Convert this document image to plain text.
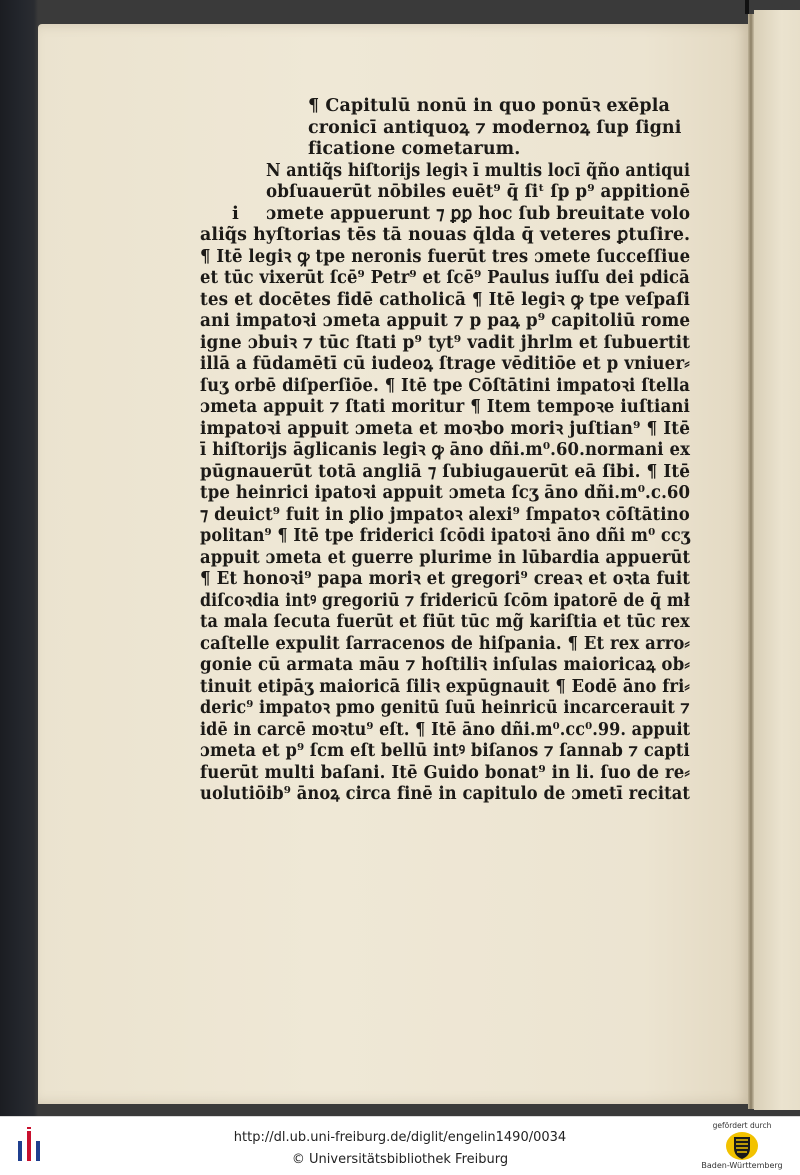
i
¶ Capitulū nonū in quo ponūꝛ exēpla
cronicī antiquoꝝ ⁊ modernoꝝ ſup ſigni
ficatione cometarum.
N antiq̃s hiſtorijs legiꝛ ī multis locī q̃ño antiqui
obſuauerūt nōbiles euēt⁹ q̄ ſiᵗ ſp p⁹ appitionē
ɔmete appuerunt ⁊ ꝑꝑ hoc ſub breuitate volo
aliq̃s hyſtorias tēs tā nouas q̄lda q̄ veteres ꝑtuſire.
¶ Itē legiꝛ ꝙ tpe neronis fuerūt tres ɔmete ſucceſſiue
et tūc vixerūt ſcē⁹ Petr⁹ et ſcē⁹ Paulus iuſſu dei pdicā
tes et docētes fidē catholicā ¶ Itē legiꝛ ꝙ tpe veſpaſi
ani impatoꝛi ɔmeta appuit ⁊ p paꝝ p⁹ capitoliū rome
igne ɔbuiꝛ ⁊ tūc ſtati p⁹ tyt⁹ vadit jhrlm et ſubuertit
illā a fūdamētī cū iudeoꝝ ſtrage vēditiōe et p vniuer⸗
ſuʒ orbē diſperſiōe. ¶ Itē tpe Cōſtātini impatoꝛi ſtella
ɔmeta appuit ⁊ ſtati moritur ¶ Item tempoꝛe iuſtiani
impatoꝛi appuit ɔmeta et moꝛbo moriꝛ juſtian⁹ ¶ Itē
ī hiſtorijs āglicanis legiꝛ ꝙ āno dñi.m⁰.60.normani ex
pūgnauerūt totā angliā ⁊ ſubiugauerūt eā ſibi. ¶ Itē
tpe heinrici ipatoꝛi appuit ɔmeta ſcʒ āno dñi.m⁰.c.60
⁊ deuict⁹ fuit in ꝑlio jmpatoꝛ alexi⁹ ſmpatoꝛ cōſtātino
politan⁹ ¶ Itē tpe friderici ſcōdi ipatoꝛi āno dñi m⁰ ccʒ
appuit ɔmeta et guerre plurime in lūbardia appuerūt
¶ Et honoꝛi⁹ papa moriꝛ et gregori⁹ creaꝛ et oꝛta fuit
diſcoꝛdia intꝰ gregoriū ⁊ fridericū ſcōm ipatorē de q̄ mł
ta mala ſecuta fuerūt et fiūt tūc mg̃ kariſtia et tūc rex
caſtelle expulit ſarracenos de hiſpania. ¶ Et rex arro⸗
gonie cū armata māu ⁊ hoſtiliꝛ inſulas maioricaꝝ ob⸗
tinuit etipāʒ maioricā ſiliꝛ expūgnauit ¶ Eodē āno fri⸗
deric⁹ impatoꝛ pmo genitū ſuū heinricū incarcerauit ⁊
idē in carcē moꝛtu⁹ eſt. ¶ Itē āno dñi.m⁰.cc⁰.99. appuit
ɔmeta et p⁹ ſcm eſt bellū intꝰ biſanos ⁊ ſannab ⁊ capti
fuerūt multi baſani. Itē Guido bonat⁹ in li. ſuo de re⸗
uolutiōib⁹ ānoꝝ circa finē in capitulo de ɔmetī recitat
http://dl.ub.uni-freiburg.de/diglit/engelin1490/0034
© Universitätsbibliothek Freiburg
gefördert durch
Baden-Württemberg
